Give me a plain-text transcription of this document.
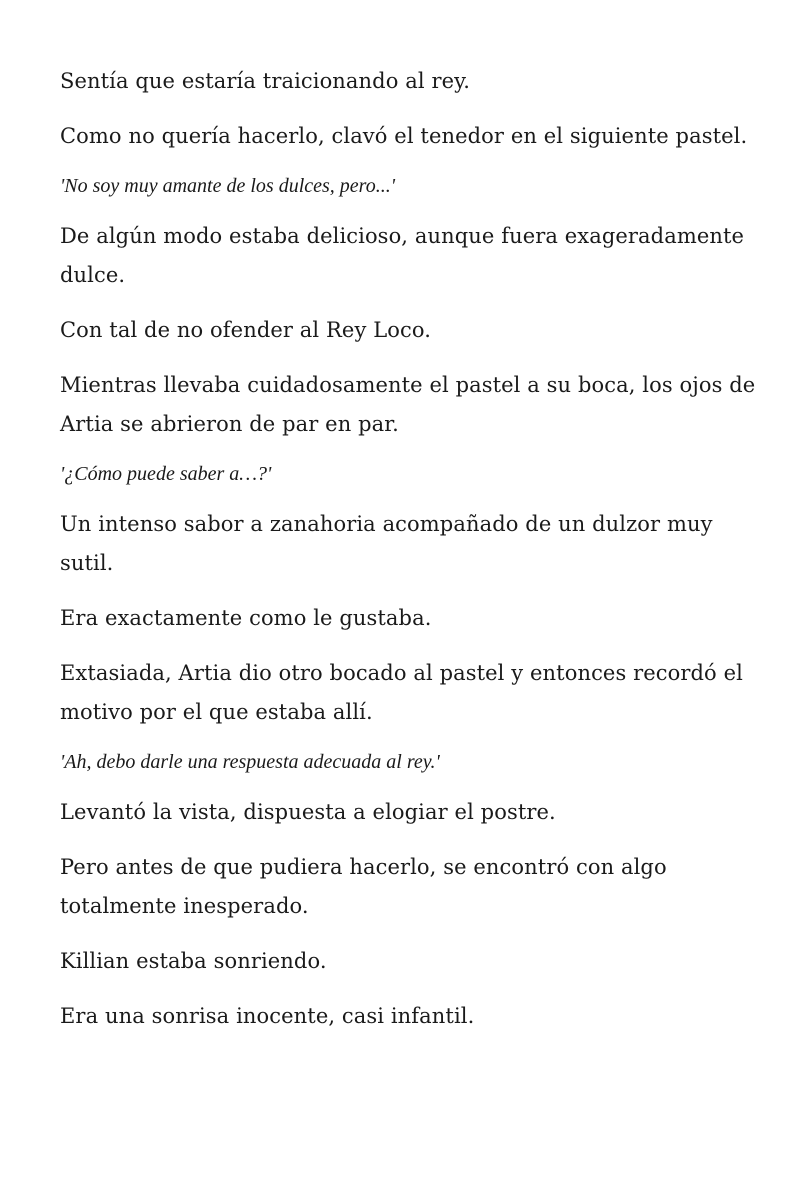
Sentía que estaría traicionando al rey.

Como no quería hacerlo, clavó el tenedor en el siguiente pastel.

'No soy muy amante de los dulces, pero...'

De algún modo estaba delicioso, aunque fuera exageradamente dulce.

Con tal de no ofender al Rey Loco.

Mientras llevaba cuidadosamente el pastel a su boca, los ojos de Artia se abrieron de par en par.

'¿Cómo puede saber a…?'

Un intenso sabor a zanahoria acompañado de un dulzor muy sutil.

Era exactamente como le gustaba.

Extasiada, Artia dio otro bocado al pastel y entonces recordó el motivo por el que estaba allí.

'Ah, debo darle una respuesta adecuada al rey.'

Levantó la vista, dispuesta a elogiar el postre.

Pero antes de que pudiera hacerlo, se encontró con algo totalmente inesperado.

Killian estaba sonriendo.

Era una sonrisa inocente, casi infantil.
